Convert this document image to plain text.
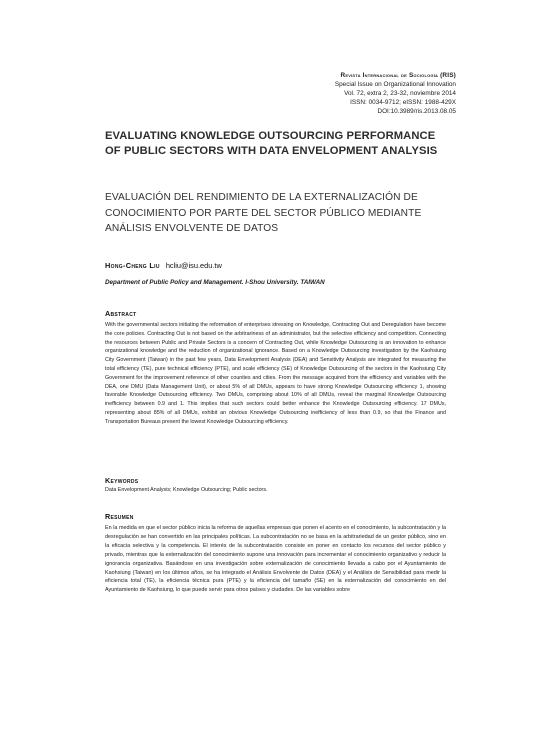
Revista Internacional de Sociología (RIS)
Special Issue on Organizational Innovation
Vol. 72, extra 2, 23-32, noviembre 2014
ISSN: 0034-9712; eISSN: 1988-429X
DOI:10.3989/ris.2013.08.05
EVALUATING KNOWLEDGE OUTSOURCING PERFORMANCE OF PUBLIC SECTORS WITH DATA ENVELOPMENT ANALYSIS
EVALUACIÓN DEL RENDIMIENTO DE LA EXTERNALIZACIÓN DE CONOCIMIENTO POR PARTE DEL SECTOR PÚBLICO MEDIANTE ANÁLISIS ENVOLVENTE DE DATOS
Hong-Cheng Liu hcliu@isu.edu.tw
Department of Public Policy and Management. I-Shou University. TAIWAN
Abstract
With the governmental sectors initiating the reformation of enterprises stressing on Knowledge, Contracting Out and Deregulation have become the core policies. Contracting Out is not based on the arbitrariness of an administrator, but the selective efficiency and competition. Connecting the resources between Public and Private Sectors is a concern of Contracting Out, while Knowledge Outsourcing is an innovation to enhance organizational knowledge and the reduction of organizational ignorance. Based on a Knowledge Outsourcing investigation by the Kaohsiung City Government (Taiwan) in the past few years, Data Envelopment Analysis (DEA) and Sensitivity Analysis are integrated for measuring the total efficiency (TE), pure technical efficiency (PTE), and scale efficiency (SE) of Knowledge Outsourcing of the sectors in the Kaohsiung City Government for the improvement reference of other counties and cities. From the message acquired from the efficiency and variables with the DEA, one DMU (Data Management Unit), or about 5% of all DMUs, appears to have strong Knowledge Outsourcing efficiency 1, showing favorable Knowledge Outsourcing efficiency. Two DMUs, comprising about 10% of all DMUs, reveal the marginal Knowledge Outsourcing inefficiency between 0.9 and 1. This implies that such sectors could better enhance the Knowledge Outsourcing efficiency. 17 DMUs, representing about 85% of all DMUs, exhibit an obvious Knowledge Outsourcing inefficiency of less than 0.9, so that the Finance and Transportation Bureaus present the lowest Knowledge Outsourcing efficiency.
Keywords
Data Envelopment Analysis; Knowledge Outsourcing; Public sectors.
Resumen
En la medida en que el sector público inicia la reforma de aquellas empresas que ponen el acento en el conocimiento, la subcontratación y la desregulación se han convertido en las principales políticas. La subcontratación no se basa en la arbitrariedad de un gestor público, sino en la eficacia selectiva y la competencia. El interés de la subcontratación consiste en poner en contacto los recursos del sector público y privado, mientras que la externalización del conocimiento supone una innovación para incrementar el conocimiento organizativo y reducir la ignorancia organizativa. Basándose en una investigación sobre externalización de conocimiento llevada a cabo por el Ayuntamiento de Kaohsiung (Taiwan) en los últimos años, se ha integrado el Análisis Envolvente de Datos (DEA) y el Análisis de Sensibilidad para medir la eficiencia total (TE), la eficiencia técnica pura (PTE) y la eficiencia del tamaño (SE) en la externalización del conocimiento en del Ayuntamiento de Kaohsiung, lo que puede servir para otros países y ciudades. De las variables sobre
